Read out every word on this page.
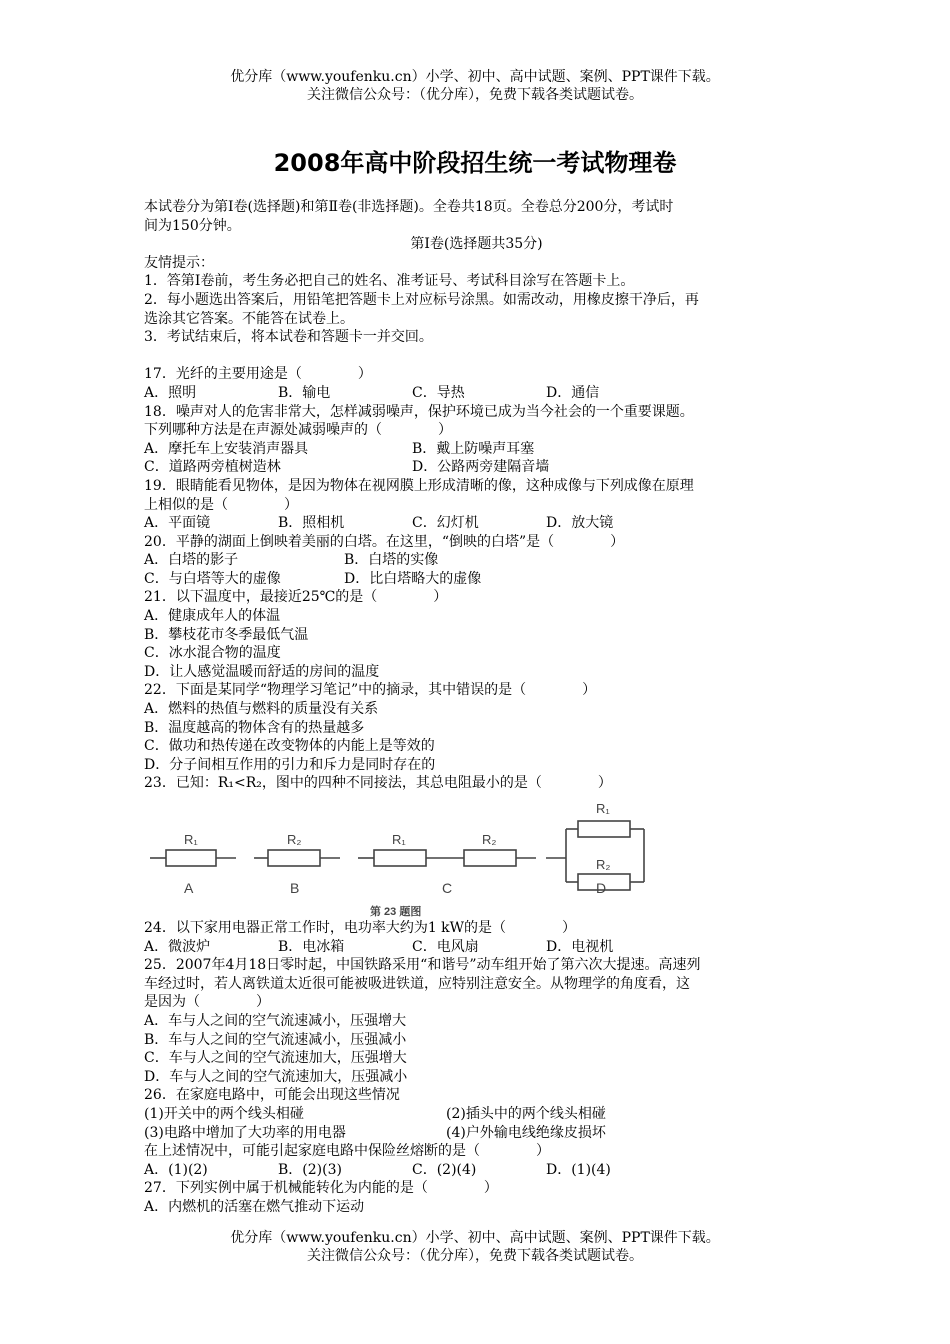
优分库（www.youfenku.cn）小学、初中、高中试题、案例、PPT课件下载。
关注微信公众号：（优分库），免费下载各类试题试卷。
2008年高中阶段招生统一考试物理卷
本试卷分为第Ⅰ卷(选择题)和第Ⅱ卷(非选择题)。全卷共18页。全卷总分200分，考试时
间为150分钟。
第Ⅰ卷(选择题共35分)
友情提示：
1．答第Ⅰ卷前，考生务必把自己的姓名、准考证号、考试科目涂写在答题卡上。
2．每小题选出答案后，用铅笔把答题卡上对应标号涂黑。如需改动，用橡皮擦干净后，再
选涂其它答案。不能答在试卷上。
3．考试结束后，将本试卷和答题卡一并交回。
17．光纤的主要用途是（　　　　）
A．照明	B．输电	C．导热	D．通信
18．噪声对人的危害非常大，怎样减弱噪声，保护环境已成为当今社会的一个重要课题。
下列哪种方法是在声源处减弱噪声的（　　　　）
A．摩托车上安装消声器具	B．戴上防噪声耳塞
C．道路两旁植树造林	D．公路两旁建隔音墙
19．眼睛能看见物体，是因为物体在视网膜上形成清晰的像，这种成像与下列成像在原理
上相似的是（　　　　）
A．平面镜	B．照相机	C．幻灯机	D．放大镜
20．平静的湖面上倒映着美丽的白塔。在这里，“倒映的白塔”是（　　　　）
A．白塔的影子	B．白塔的实像
C．与白塔等大的虚像	D．比白塔略大的虚像
21．以下温度中，最接近25℃的是（　　　　）
A．健康成年人的体温
B．攀枝花市冬季最低气温
C．冰水混合物的温度
D．让人感觉温暖而舒适的房间的温度
22．下面是某同学“物理学习笔记”中的摘录，其中错误的是（　　　　）
A．燃料的热值与燃料的质量没有关系
B．温度越高的物体含有的热量越多
C．做功和热传递在改变物体的内能上是等效的
D．分子间相互作用的引力和斥力是同时存在的
23．已知：R₁<R₂，图中的四种不同接法，其总电阻最小的是（　　　　）
R₁	R₂	R₁	R₂
R₁
R₂
A	B	C	D
第 23 题图
24．以下家用电器正常工作时，电功率大约为1 kW的是（　　　　）
A．微波炉	B．电冰箱	C．电风扇	D．电视机
25．2007年4月18日零时起，中国铁路采用“和谐号”动车组开始了第六次大提速。高速列
车经过时，若人离铁道太近很可能被吸进铁道，应特别注意安全。从物理学的角度看，这
是因为（　　　　）
A．车与人之间的空气流速减小，压强增大
B．车与人之间的空气流速减小，压强减小
C．车与人之间的空气流速加大，压强增大
D．车与人之间的空气流速加大，压强减小
26．在家庭电路中，可能会出现这些情况
(1)开关中的两个线头相碰	(2)插头中的两个线头相碰
(3)电路中增加了大功率的用电器	(4)户外输电线绝缘皮损坏
在上述情况中，可能引起家庭电路中保险丝熔断的是（　　　　）
A．(1)(2)	B．(2)(3)	C．(2)(4)	D．(1)(4)
27．下列实例中属于机械能转化为内能的是（　　　　）
A．内燃机的活塞在燃气推动下运动
优分库（www.youfenku.cn）小学、初中、高中试题、案例、PPT课件下载。
关注微信公众号：（优分库），免费下载各类试题试卷。
